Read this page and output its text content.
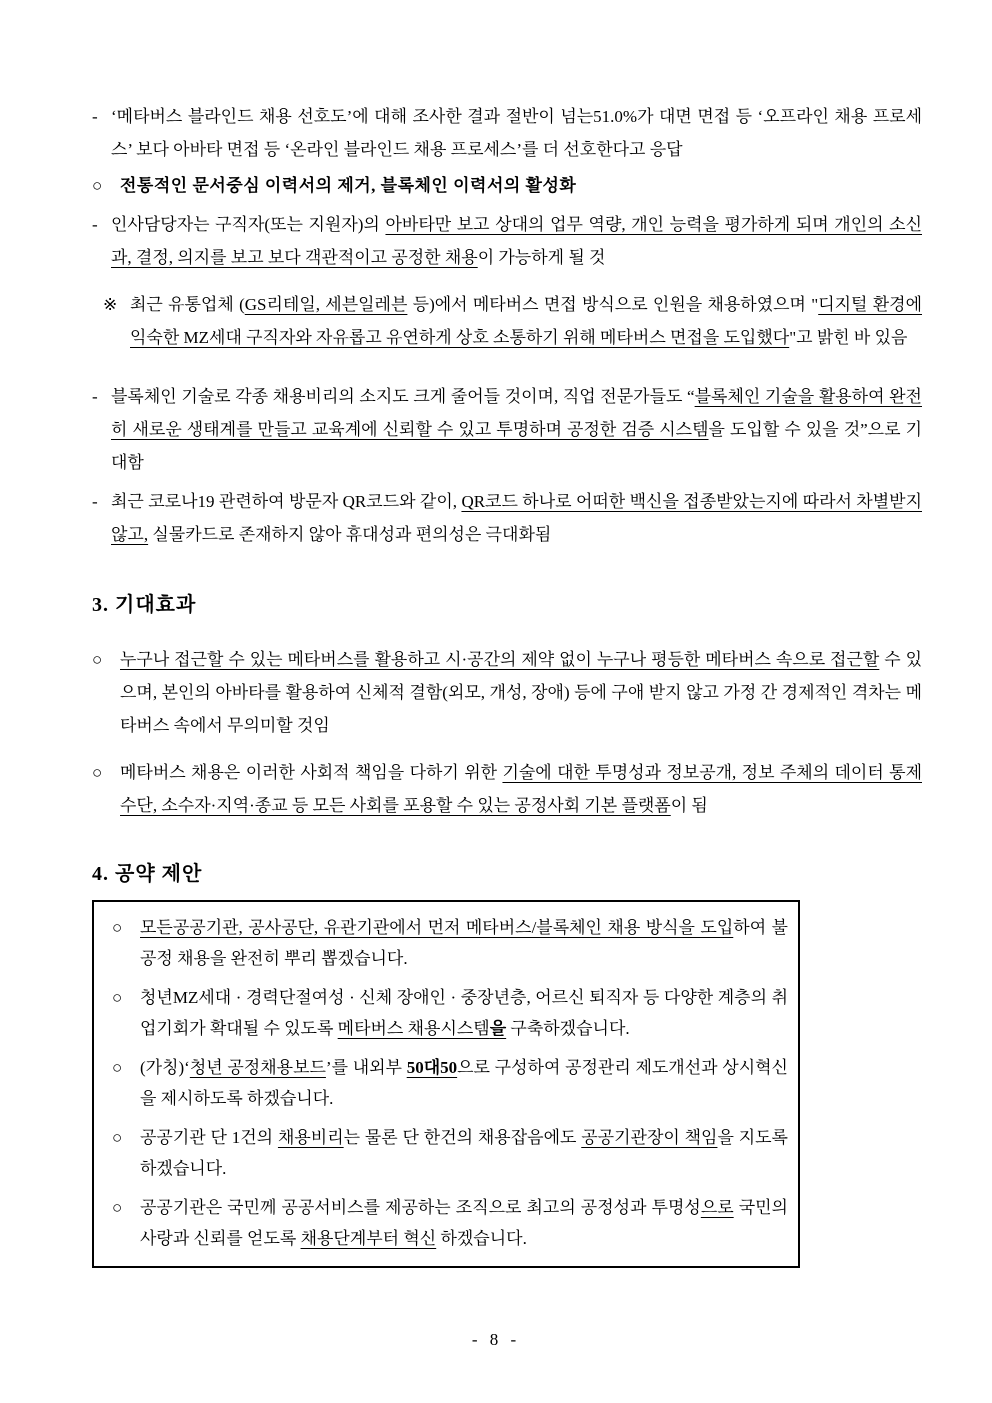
- ‘메타버스 블라인드 채용 선호도’에 대해 조사한 결과 절반이 넘는51.0%가 대면 면접 등 ‘오프라인 채용 프로세스’ 보다 아바타 면접 등 ‘온라인 블라인드 채용 프로세스’를 더 선호한다고 응답
○	전통적인 문서중심 이력서의 제거, 블록체인 이력서의 활성화
- 인사담당자는 구직자(또는 지원자)의 아바타만 보고 상대의 업무 역량, 개인 능력을 평가하게 되며 개인의 소신과, 결정, 의지를 보고 보다 객관적이고 공정한 채용이 가능하게 될 것
※ 최근 유통업체 (GS리테일, 세븐일레븐 등)에서 메타버스 면접 방식으로 인원을 채용하였으며 "디지털 환경에 익숙한 MZ세대 구직자와 자유롭고 유연하게 상호 소통하기 위해 메타버스 면접을 도입했다"고 밝힌 바 있음
- 블록체인 기술로 각종 채용비리의 소지도 크게 줄어들 것이며, 직업 전문가들도 “블록체인 기술을 활용하여 완전히 새로운 생태계를 만들고 교육계에 신뢰할 수 있고 투명하며 공정한 검증 시스템을 도입할 수 있을 것”으로 기대함
- 최근 코로나19 관련하여 방문자 QR코드와 같이, QR코드 하나로 어떠한 백신을 접종받았는지에 따라서 차별받지 않고, 실물카드로 존재하지 않아 휴대성과 편의성은 극대화됨
3. 기대효과
○	누구나 접근할 수 있는 메타버스를 활용하고 시·공간의 제약 없이 누구나 평등한 메타버스 속으로 접근할 수 있으며, 본인의 아바타를 활용하여 신체적 결함(외모, 개성, 장애) 등에 구애 받지 않고 가정 간 경제적인 격차는 메타버스 속에서 무의미할 것임
○	메타버스 채용은 이러한 사회적 책임을 다하기 위한 기술에 대한 투명성과 정보공개, 정보 주체의 데이터 통제수단, 소수자·지역·종교 등 모든 사회를 포용할 수 있는 공정사회 기본 플랫폼이 됨
4. 공약 제안
○	모든공공기관, 공사공단, 유관기관에서 먼저 메타버스/블록체인 채용 방식을 도입하여 불공정 채용을 완전히 뿌리 뽑겠습니다.
○	청년MZ세대 · 경력단절여성 · 신체 장애인 · 중장년층, 어르신 퇴직자 등 다양한 계층의 취업기회가 확대될 수 있도록 메타버스 채용시스템을 구축하겠습니다.
○	(가칭)‘청년 공정채용보드’를 내외부 50대50으로 구성하여 공정관리 제도개선과 상시혁신을 제시하도록 하겠습니다.
○	공공기관 단 1건의 채용비리는 물론 단 한건의 채용잡음에도 공공기관장이 책임을 지도록 하겠습니다.
○	공공기관은 국민께 공공서비스를 제공하는 조직으로 최고의 공정성과 투명성으로 국민의 사랑과 신뢰를 얻도록 채용단계부터 혁신 하겠습니다.
- 8 -
